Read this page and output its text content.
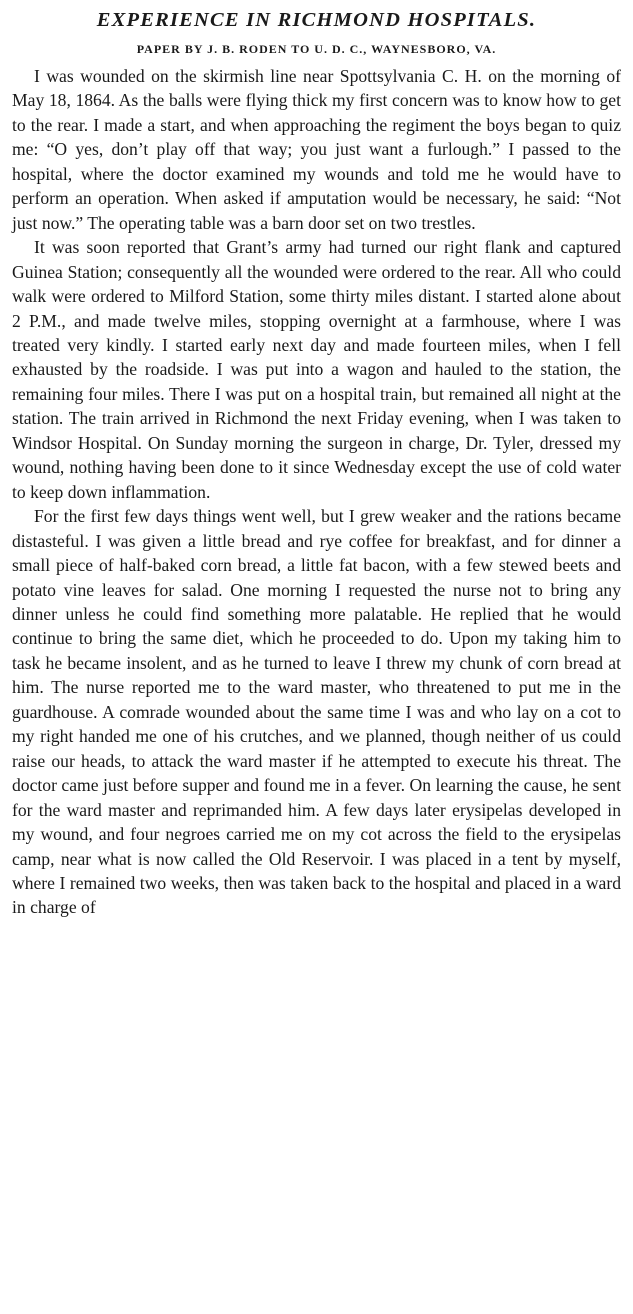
EXPERIENCE IN RICHMOND HOSPITALS.
PAPER BY J. B. RODEN TO U. D. C., WAYNESBORO, VA.

I was wounded on the skirmish line near Spottsylvania C. H. on the morning of May 18, 1864. As the balls were flying thick my first concern was to know how to get to the rear. I made a start, and when approaching the regiment the boys began to quiz me: “O yes, don’t play off that way; you just want a furlough.” I passed to the hospital, where the doctor examined my wounds and told me he would have to perform an operation. When asked if amputation would be necessary, he said: “Not just now.” The operating table was a barn door set on two trestles.

It was soon reported that Grant’s army had turned our right flank and captured Guinea Station; consequently all the wounded were ordered to the rear. All who could walk were ordered to Milford Station, some thirty miles distant. I started alone about 2 P.M., and made twelve miles, stopping overnight at a farmhouse, where I was treated very kindly. I started early next day and made fourteen miles, when I fell exhausted by the roadside. I was put into a wagon and hauled to the station, the remaining four miles. There I was put on a hospital train, but remained all night at the station. The train arrived in Richmond the next Friday evening, when I was taken to Windsor Hospital. On Sunday morning the surgeon in charge, Dr. Tyler, dressed my wound, nothing having been done to it since Wednesday except the use of cold water to keep down inflammation.

For the first few days things went well, but I grew weaker and the rations became distasteful. I was given a little bread and rye coffee for breakfast, and for dinner a small piece of half-baked corn bread, a little fat bacon, with a few stewed beets and potato vine leaves for salad. One morning I requested the nurse not to bring any dinner unless he could find something more palatable. He replied that he would continue to bring the same diet, which he proceeded to do. Upon my taking him to task he became insolent, and as he turned to leave I threw my chunk of corn bread at him. The nurse reported me to the ward master, who threatened to put me in the guardhouse. A comrade wounded about the same time I was and who lay on a cot to my right handed me one of his crutches, and we planned, though neither of us could raise our heads, to attack the ward master if he attempted to execute his threat. The doctor came just before supper and found me in a fever. On learning the cause, he sent for the ward master and reprimanded him. A few days later erysipelas developed in my wound, and four negroes carried me on my cot across the field to the erysipelas camp, near what is now called the Old Reservoir. I was placed in a tent by myself, where I remained two weeks, then was taken back to the hospital and placed in a ward in charge of
